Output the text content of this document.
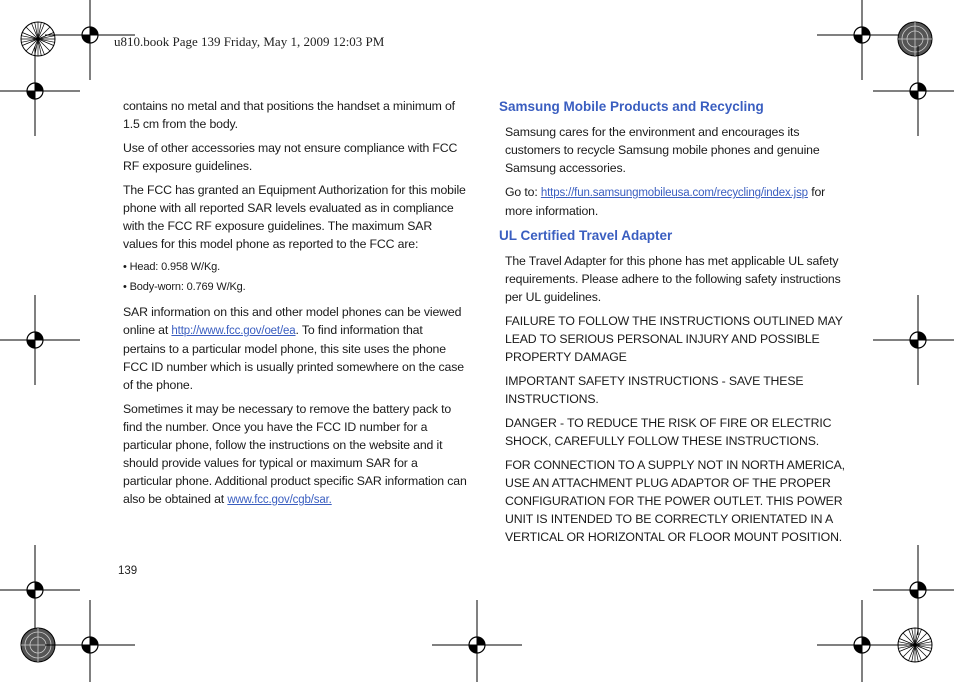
u810.book Page 139 Friday, May 1, 2009 12:03 PM

contains no metal and that positions the handset a minimum of 1.5 cm from the body.

Use of other accessories may not ensure compliance with FCC RF exposure guidelines.

The FCC has granted an Equipment Authorization for this mobile phone with all reported SAR levels evaluated as in compliance with the FCC RF exposure guidelines. The maximum SAR values for this model phone as reported to the FCC are:

• Head: 0.958 W/Kg.

• Body-worn: 0.769 W/Kg.

SAR information on this and other model phones can be viewed online at http://www.fcc.gov/oet/ea. To find information that pertains to a particular model phone, this site uses the phone FCC ID number which is usually printed somewhere on the case of the phone.

Sometimes it may be necessary to remove the battery pack to find the number. Once you have the FCC ID number for a particular phone, follow the instructions on the website and it should provide values for typical or maximum SAR for a particular phone. Additional product specific SAR information can also be obtained at www.fcc.gov/cgb/sar.

Samsung Mobile Products and Recycling

Samsung cares for the environment and encourages its customers to recycle Samsung mobile phones and genuine Samsung accessories.

Go to: https://fun.samsungmobileusa.com/recycling/index.jsp for more information.

UL Certified Travel Adapter

The Travel Adapter for this phone has met applicable UL safety requirements. Please adhere to the following safety instructions per UL guidelines.

FAILURE TO FOLLOW THE INSTRUCTIONS OUTLINED MAY LEAD TO SERIOUS PERSONAL INJURY AND POSSIBLE PROPERTY DAMAGE

IMPORTANT SAFETY INSTRUCTIONS - SAVE THESE INSTRUCTIONS.

DANGER - TO REDUCE THE RISK OF FIRE OR ELECTRIC SHOCK, CAREFULLY FOLLOW THESE INSTRUCTIONS.

FOR CONNECTION TO A SUPPLY NOT IN NORTH AMERICA, USE AN ATTACHMENT PLUG ADAPTOR OF THE PROPER CONFIGURATION FOR THE POWER OUTLET. THIS POWER UNIT IS INTENDED TO BE CORRECTLY ORIENTATED IN A VERTICAL OR HORIZONTAL OR FLOOR MOUNT POSITION.

139
